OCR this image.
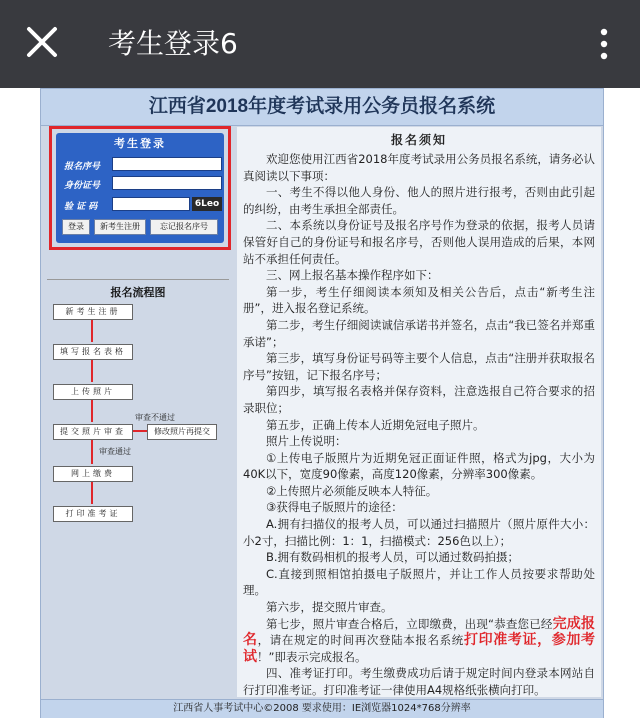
考生登录6
江西省2018年度考试录用公务员报名系统
考生登录
报名序号
身份证号
验 证 码	6Leo
登录	新考生注册	忘记报名序号
报名流程图
新考生注册
填写报名表格
上传照片
提交照片审查
审查不通过
修改照片再提交
审查通过
网上缴费
打印准考证
报名须知

欢迎您使用江西省2018年度考试录用公务员报名系统，请务必认真阅读以下事项：

一、考生不得以他人身份、他人的照片进行报考，否则由此引起的纠纷，由考生承担全部责任。

二、本系统以身份证号及报名序号作为登录的依据，报考人员请保管好自己的身份证号和报名序号，否则他人误用造成的后果，本网站不承担任何责任。

三、网上报名基本操作程序如下：

第一步，考生仔细阅读本须知及相关公告后，点击“新考生注册”，进入报名登记系统。

第二步，考生仔细阅读诚信承诺书并签名，点击“我已签名并郑重承诺”；

第三步，填写身份证号码等主要个人信息，点击“注册并获取报名序号”按钮，记下报名序号；

第四步，填写报名表格并保存资料，注意选报自己符合要求的招录职位；

第五步，正确上传本人近期免冠电子照片。

照片上传说明：

①上传电子版照片为近期免冠正面证件照，格式为jpg，大小为40K以下，宽度90像素，高度120像素，分辨率300像素。

②上传照片必须能反映本人特征。

③获得电子版照片的途径：

A.拥有扫描仪的报考人员，可以通过扫描照片（照片原件大小：小2寸，扫描比例：1：1，扫描模式：256色以上）；

B.拥有数码相机的报考人员，可以通过数码拍摄；

C.直接到照相馆拍摄电子版照片，并让工作人员按要求帮助处理。

第六步，提交照片审查。

第七步，照片审查合格后，立即缴费，出现“恭查您已经完成报名，请在规定的时间再次登陆本报名系统打印准考证，参加考试！”即表示完成报名。

四、准考证打印。考生缴费成功后请于规定时间内登录本网站自行打印准考证。打印准考证一律使用A4规格纸张横向打印。

江西省人事考试中心©2008 要求使用：IE浏览器1024*768分辨率
